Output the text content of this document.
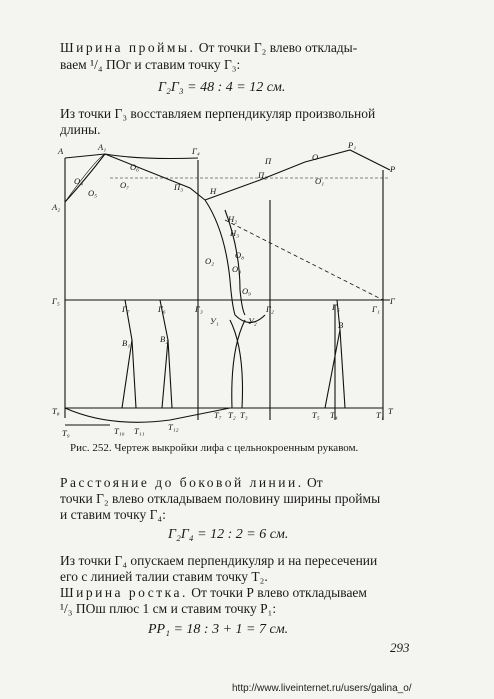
Ширина проймы. От точки Г₂ влево отклады-

ваем ¹/₄ ПОг и ставим точку Г₃:

Г₂Г₃ = 48 : 4 = 12 см.

Из точки Г₃ восставляем перпендикуляр произвольной

длины.

А	А₁	Г₄
О₄
О₅
О₆
О₇	П₃	Н
П₂
П	О
О₁
Р₁
Р
А₂
Н₂
Н₃
О₂
О₃
О₈
О₉
Г₅
Г₇	Г₆	Г₃	Г₂	Г₅	Г₁
Г
У₁	У₂
В₁	В₂
В
Т₈	Т₇ Т₂ Т₃	Т₅ Т₄	Т₁ Т
Т₉	Т₁₀ Т₁₁	Т₁₂
Рис. 252. Чертеж выкройки лифа с цельнокроенным рукавом.

Расстояние до боковой линии. От

точки Г₂ влево откладываем половину ширины проймы

и ставим точку Г₄:

Г₂Г₄ = 12 : 2 = 6 см.

Из точки Г₄ опускаем перпендикуляр и на пересечении

его с линией талии ставим точку Т₂.

Ширина ростка. От точки Р влево откладываем

¹/₃ ПОш плюс 1 см и ставим точку Р₁:

РР₁ = 18 : 3 + 1 = 7 см.
293
http://www.liveinternet.ru/users/galina_o/
